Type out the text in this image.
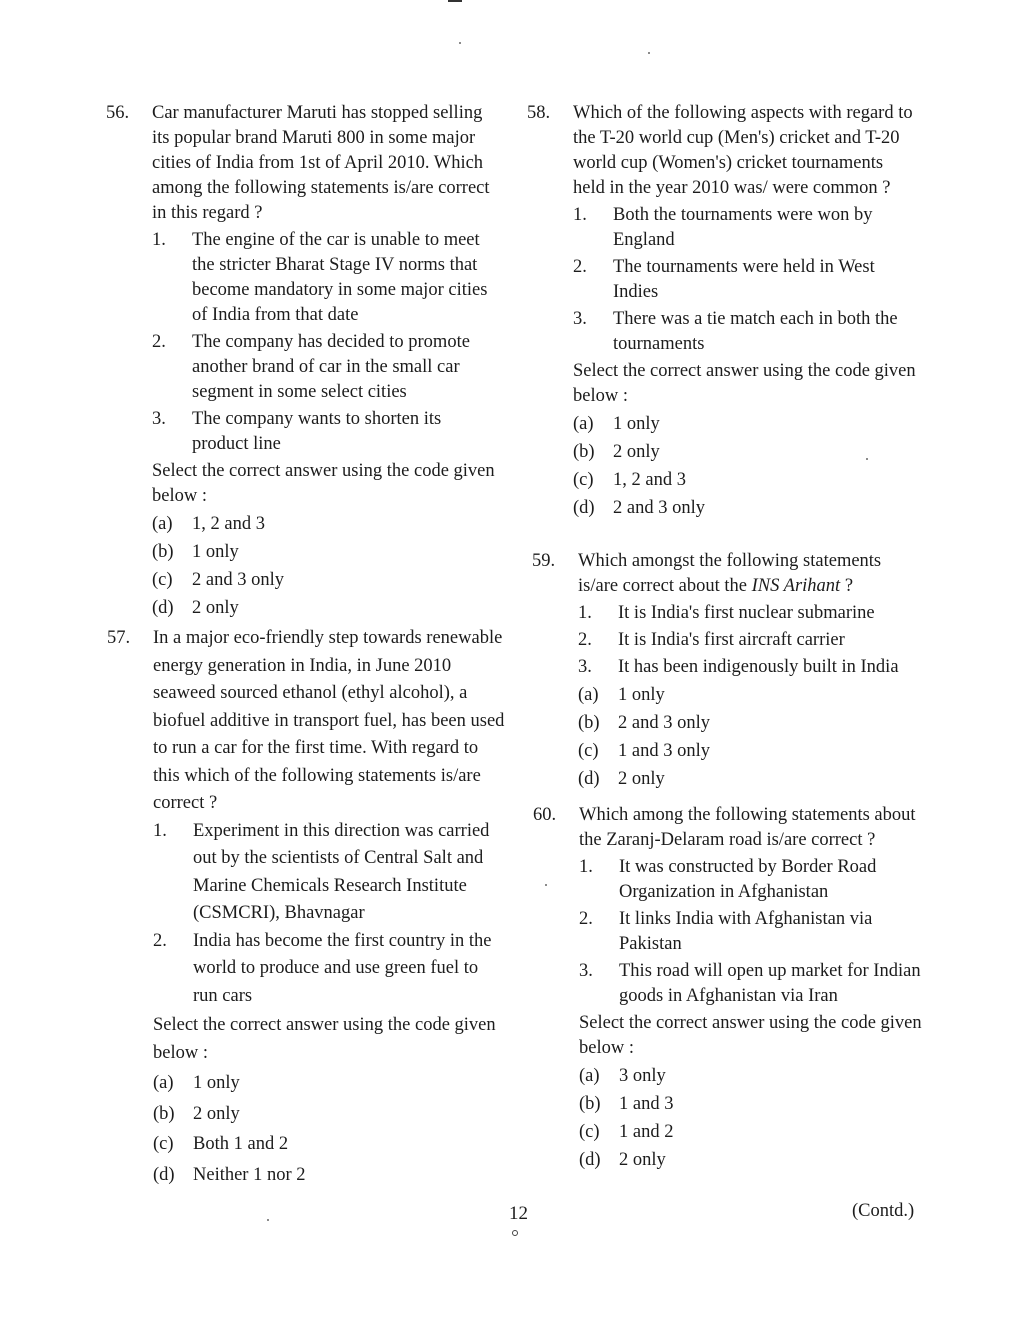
56. Car manufacturer Maruti has stopped selling its popular brand Maruti 800 in some major cities of India from 1st of April 2010. Which among the following statements is/are correct in this regard ?
1. The engine of the car is unable to meet the stricter Bharat Stage IV norms that become mandatory in some major cities of India from that date
2. The company has decided to promote another brand of car in the small car segment in some select cities
3. The company wants to shorten its product line
Select the correct answer using the code given below :
(a) 1, 2 and 3
(b) 1 only
(c) 2 and 3 only
(d) 2 only
57. In a major eco-friendly step towards renewable energy generation in India, in June 2010 seaweed sourced ethanol (ethyl alcohol), a biofuel additive in transport fuel, has been used to run a car for the first time. With regard to this which of the following statements is/are correct ?
1. Experiment in this direction was carried out by the scientists of Central Salt and Marine Chemicals Research Institute (CSMCRI), Bhavnagar
2. India has become the first country in the world to produce and use green fuel to run cars
Select the correct answer using the code given below :
(a) 1 only
(b) 2 only
(c) Both 1 and 2
(d) Neither 1 nor 2
58. Which of the following aspects with regard to the T-20 world cup (Men's) cricket and T-20 world cup (Women's) cricket tournaments held in the year 2010 was/ were common ?
1. Both the tournaments were won by England
2. The tournaments were held in West Indies
3. There was a tie match each in both the tournaments
Select the correct answer using the code given below :
(a) 1 only
(b) 2 only
(c) 1, 2 and 3
(d) 2 and 3 only
59. Which amongst the following statements is/are correct about the INS Arihant ?
1. It is India's first nuclear submarine
2. It is India's first aircraft carrier
3. It has been indigenously built in India
(a) 1 only
(b) 2 and 3 only
(c) 1 and 3 only
(d) 2 only
60. Which among the following statements about the Zaranj-Delaram road is/are correct ?
1. It was constructed by Border Road Organization in Afghanistan
2. It links India with Afghanistan via Pakistan
3. This road will open up market for Indian goods in Afghanistan via Iran
Select the correct answer using the code given below :
(a) 3 only
(b) 1 and 3
(c) 1 and 2
(d) 2 only
12	(Contd.)
